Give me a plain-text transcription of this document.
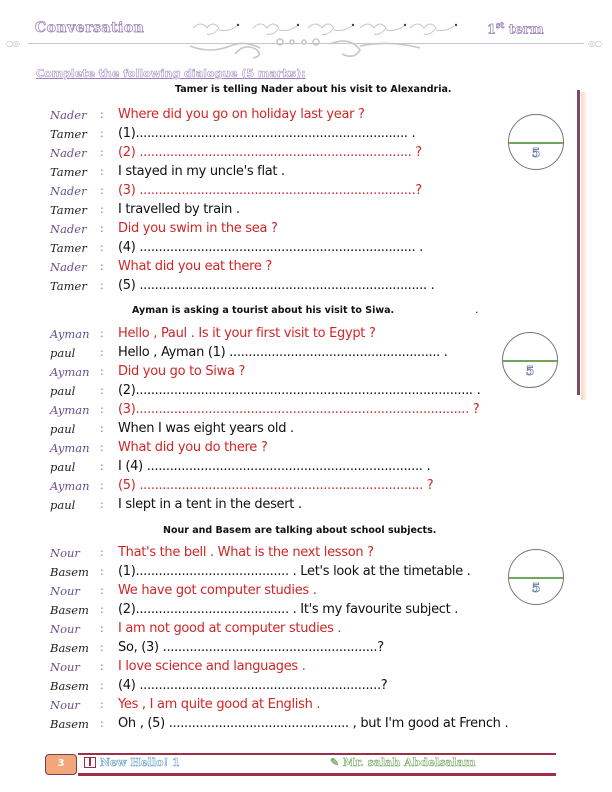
Conversation	1st term
○◎	◎○
Complete the following dialogue (5 marks):
Tamer is telling Nader about his visit to Alexandria.
Nader	:	Where did you go on holiday last year ?
Tamer	:	(1)....................................................................... .
Nader	:	(2) ....................................................................... ?
Tamer	:	I stayed in my uncle's flat .
Nader	:	(3) ........................................................................?
Tamer	:	I travelled by train .
Nader	:	Did you swim in the sea ?
Tamer	:	(4) ........................................................................ .
Nader	:	What did you eat there ?
Tamer	:	(5) ........................................................................... .
5
Ayman is asking a tourist about his visit to Siwa.	.
Ayman :	Hello , Paul . Is it your first visit to Egypt ?
paul	:	Hello , Ayman (1) ....................................................... .
Ayman :	Did you go to Siwa ?
paul	:	(2)........................................................................................ .
Ayman :	(3)....................................................................................... ?
paul	:	When I was eight years old .
Ayman :	What did you do there ?
paul	:	I (4) ........................................................................ .
Ayman :	(5) .......................................................................... ?
paul	:	I slept in a tent in the desert .
5
Nour and Basem are talking about school subjects.
Nour	:	That's the bell . What is the next lesson ?
Basem	:	(1)........................................ . Let's look at the timetable .
Nour	:	We have got computer studies .
Basem	:	(2)........................................ . It's my favourite subject .
Nour	:	I am not good at computer studies .
Basem	:	So, (3) ........................................................?
Nour	:	I love science and languages .
Basem	:	(4) ...............................................................?
Nour	:	Yes , I am quite good at English .
Basem	:	Oh , (5) ............................................... , but I'm good at French .
5
3	New Hello! 1	✎ Mr. salah Abdelsalam
